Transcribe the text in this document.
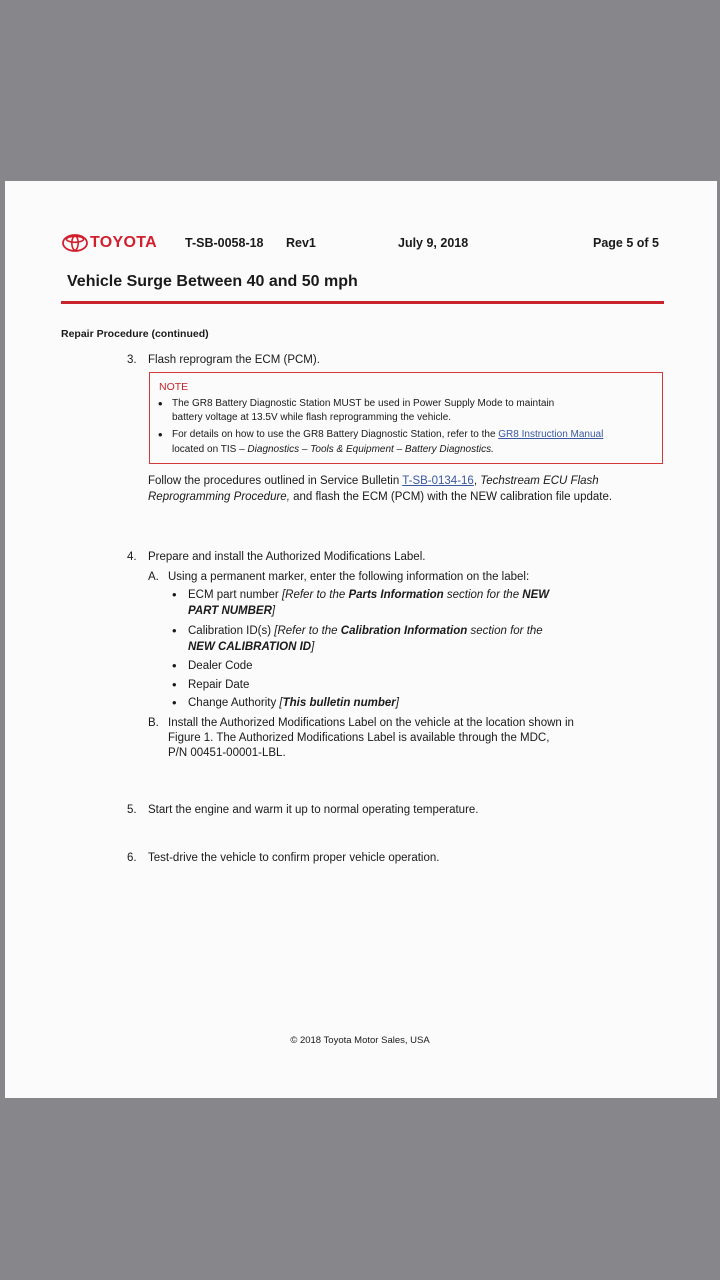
TOYOTA T-SB-0058-18 Rev1	July 9, 2018	Page 5 of 5
Vehicle Surge Between 40 and 50 mph
Repair Procedure (continued)
3. Flash reprogram the ECM (PCM).
NOTE
• The GR8 Battery Diagnostic Station MUST be used in Power Supply Mode to maintain
battery voltage at 13.5V while flash reprogramming the vehicle.
• For details on how to use the GR8 Battery Diagnostic Station, refer to the GR8 Instruction Manual
located on TIS – Diagnostics – Tools & Equipment – Battery Diagnostics.
Follow the procedures outlined in Service Bulletin T-SB-0134-16, Techstream ECU Flash
Reprogramming Procedure, and flash the ECM (PCM) with the NEW calibration file update.
4. Prepare and install the Authorized Modifications Label.
A. Using a permanent marker, enter the following information on the label:
• ECM part number [Refer to the Parts Information section for the NEW
PART NUMBER]
• Calibration ID(s) [Refer to the Calibration Information section for the
NEW CALIBRATION ID]
• Dealer Code
• Repair Date
• Change Authority [This bulletin number]
B. Install the Authorized Modifications Label on the vehicle at the location shown in
Figure 1. The Authorized Modifications Label is available through the MDC,
P/N 00451-00001-LBL.
5. Start the engine and warm it up to normal operating temperature.
6. Test-drive the vehicle to confirm proper vehicle operation.
© 2018 Toyota Motor Sales, USA
